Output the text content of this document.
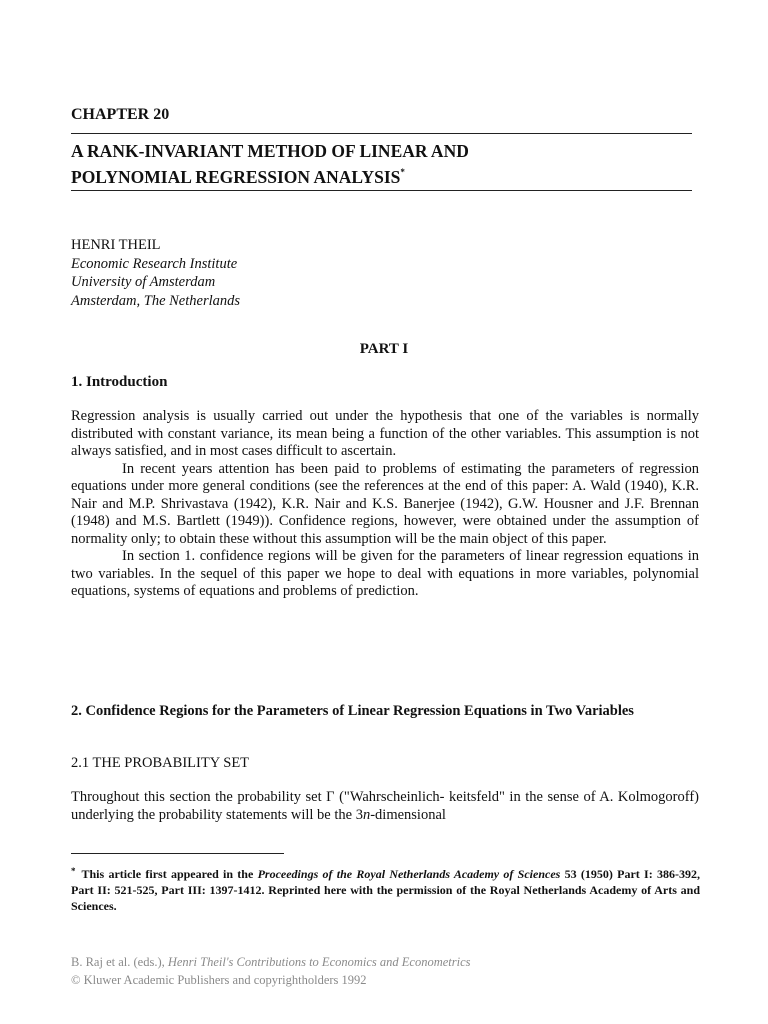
CHAPTER 20
A RANK-INVARIANT METHOD OF LINEAR AND
POLYNOMIAL REGRESSION ANALYSIS*
HENRI THEIL
Economic Research Institute
University of Amsterdam
Amsterdam, The Netherlands
PART I
1. Introduction

Regression analysis is usually carried out under the hypothesis that one of the variables is normally distributed with constant variance, its mean being a function of the other variables. This assumption is not always satisfied, and in most cases difficult to ascertain.

In recent years attention has been paid to problems of estimating the parameters of regression equations under more general conditions (see the references at the end of this paper: A. Wald (1940), K.R. Nair and M.P. Shrivastava (1942), K.R. Nair and K.S. Banerjee (1942), G.W. Housner and J.F. Brennan (1948) and M.S. Bartlett (1949)). Confidence regions, however, were obtained under the assumption of normality only; to obtain these without this assumption will be the main object of this paper.

In section 1. confidence regions will be given for the parameters of linear regression equations in two variables. In the sequel of this paper we hope to deal with equations in more variables, polynomial equations, systems of equations and problems of prediction.

2. Confidence Regions for the Parameters of Linear Regression Equations in Two Variables
2.1 THE PROBABILITY SET

Throughout this section the probability set Γ ("Wahrscheinlich- keitsfeld" in the sense of A. Kolmogoroff) underlying the probability statements will be the 3n-dimensional

* This article first appeared in the Proceedings of the Royal Netherlands Academy of Sciences 53 (1950) Part I: 386-392, Part II: 521-525, Part III: 1397-1412. Reprinted here with the permission of the Royal Netherlands Academy of Arts and Sciences.
B. Raj et al. (eds.), Henri Theil's Contributions to Economics and Econometrics
© Kluwer Academic Publishers and copyrightholders 1992
